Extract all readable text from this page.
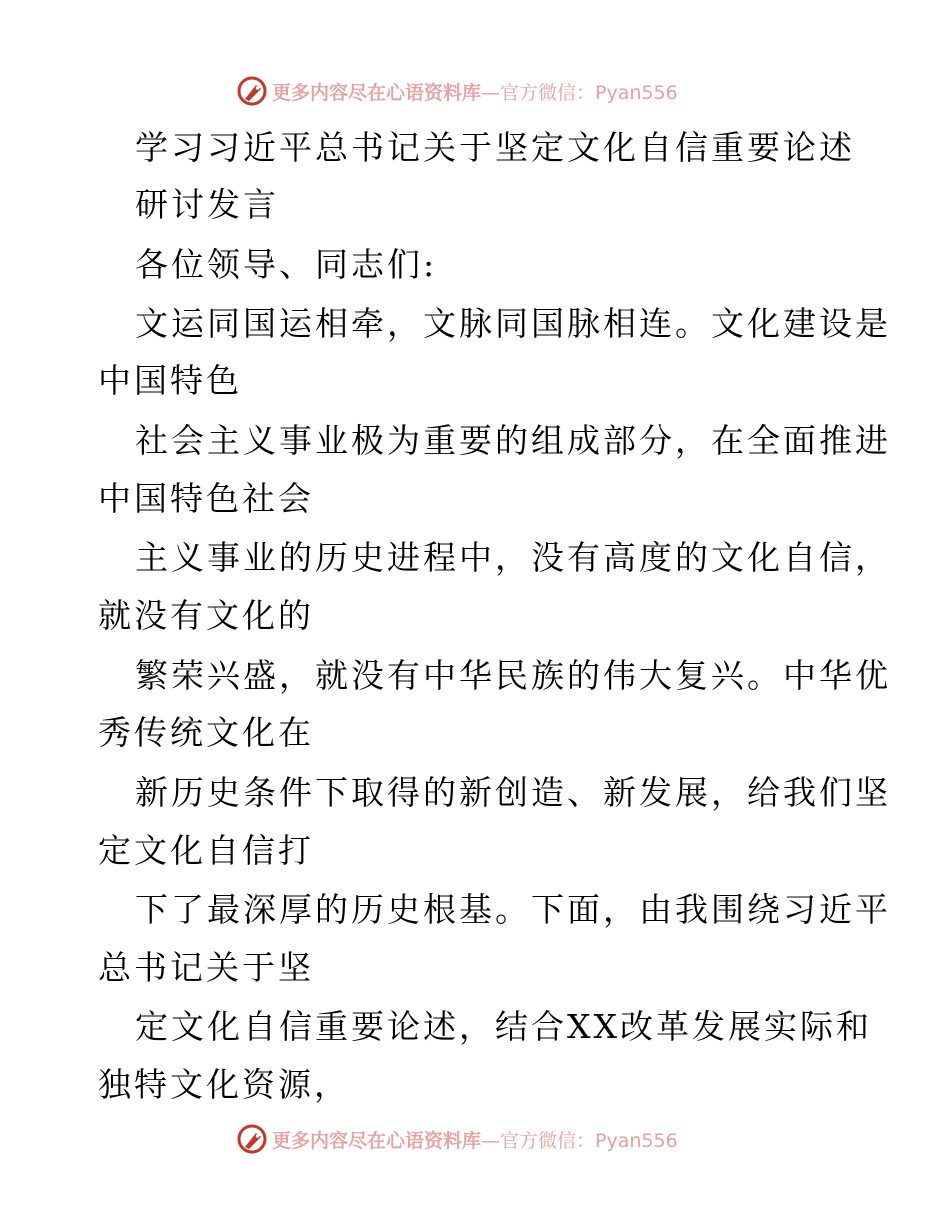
更多内容尽在心语资料库 —官方微信：Pyan556

学习习近平总书记关于坚定文化自信重要论述

研讨发言

各位领导、同志们:

文运同国运相牵，文脉同国脉相连。文化建设是

中国特色

社会主义事业极为重要的组成部分，在全面推进

中国特色社会

主义事业的历史进程中，没有高度的文化自信，

就没有文化的

繁荣兴盛，就没有中华民族的伟大复兴。中华优

秀传统文化在

新历史条件下取得的新创造、新发展，给我们坚

定文化自信打

下了最深厚的历史根基。下面，由我围绕习近平

总书记关于坚

定文化自信重要论述，结合XX改革发展实际和

独特文化资源，

更多内容尽在心语资料库 —官方微信：Pyan556
